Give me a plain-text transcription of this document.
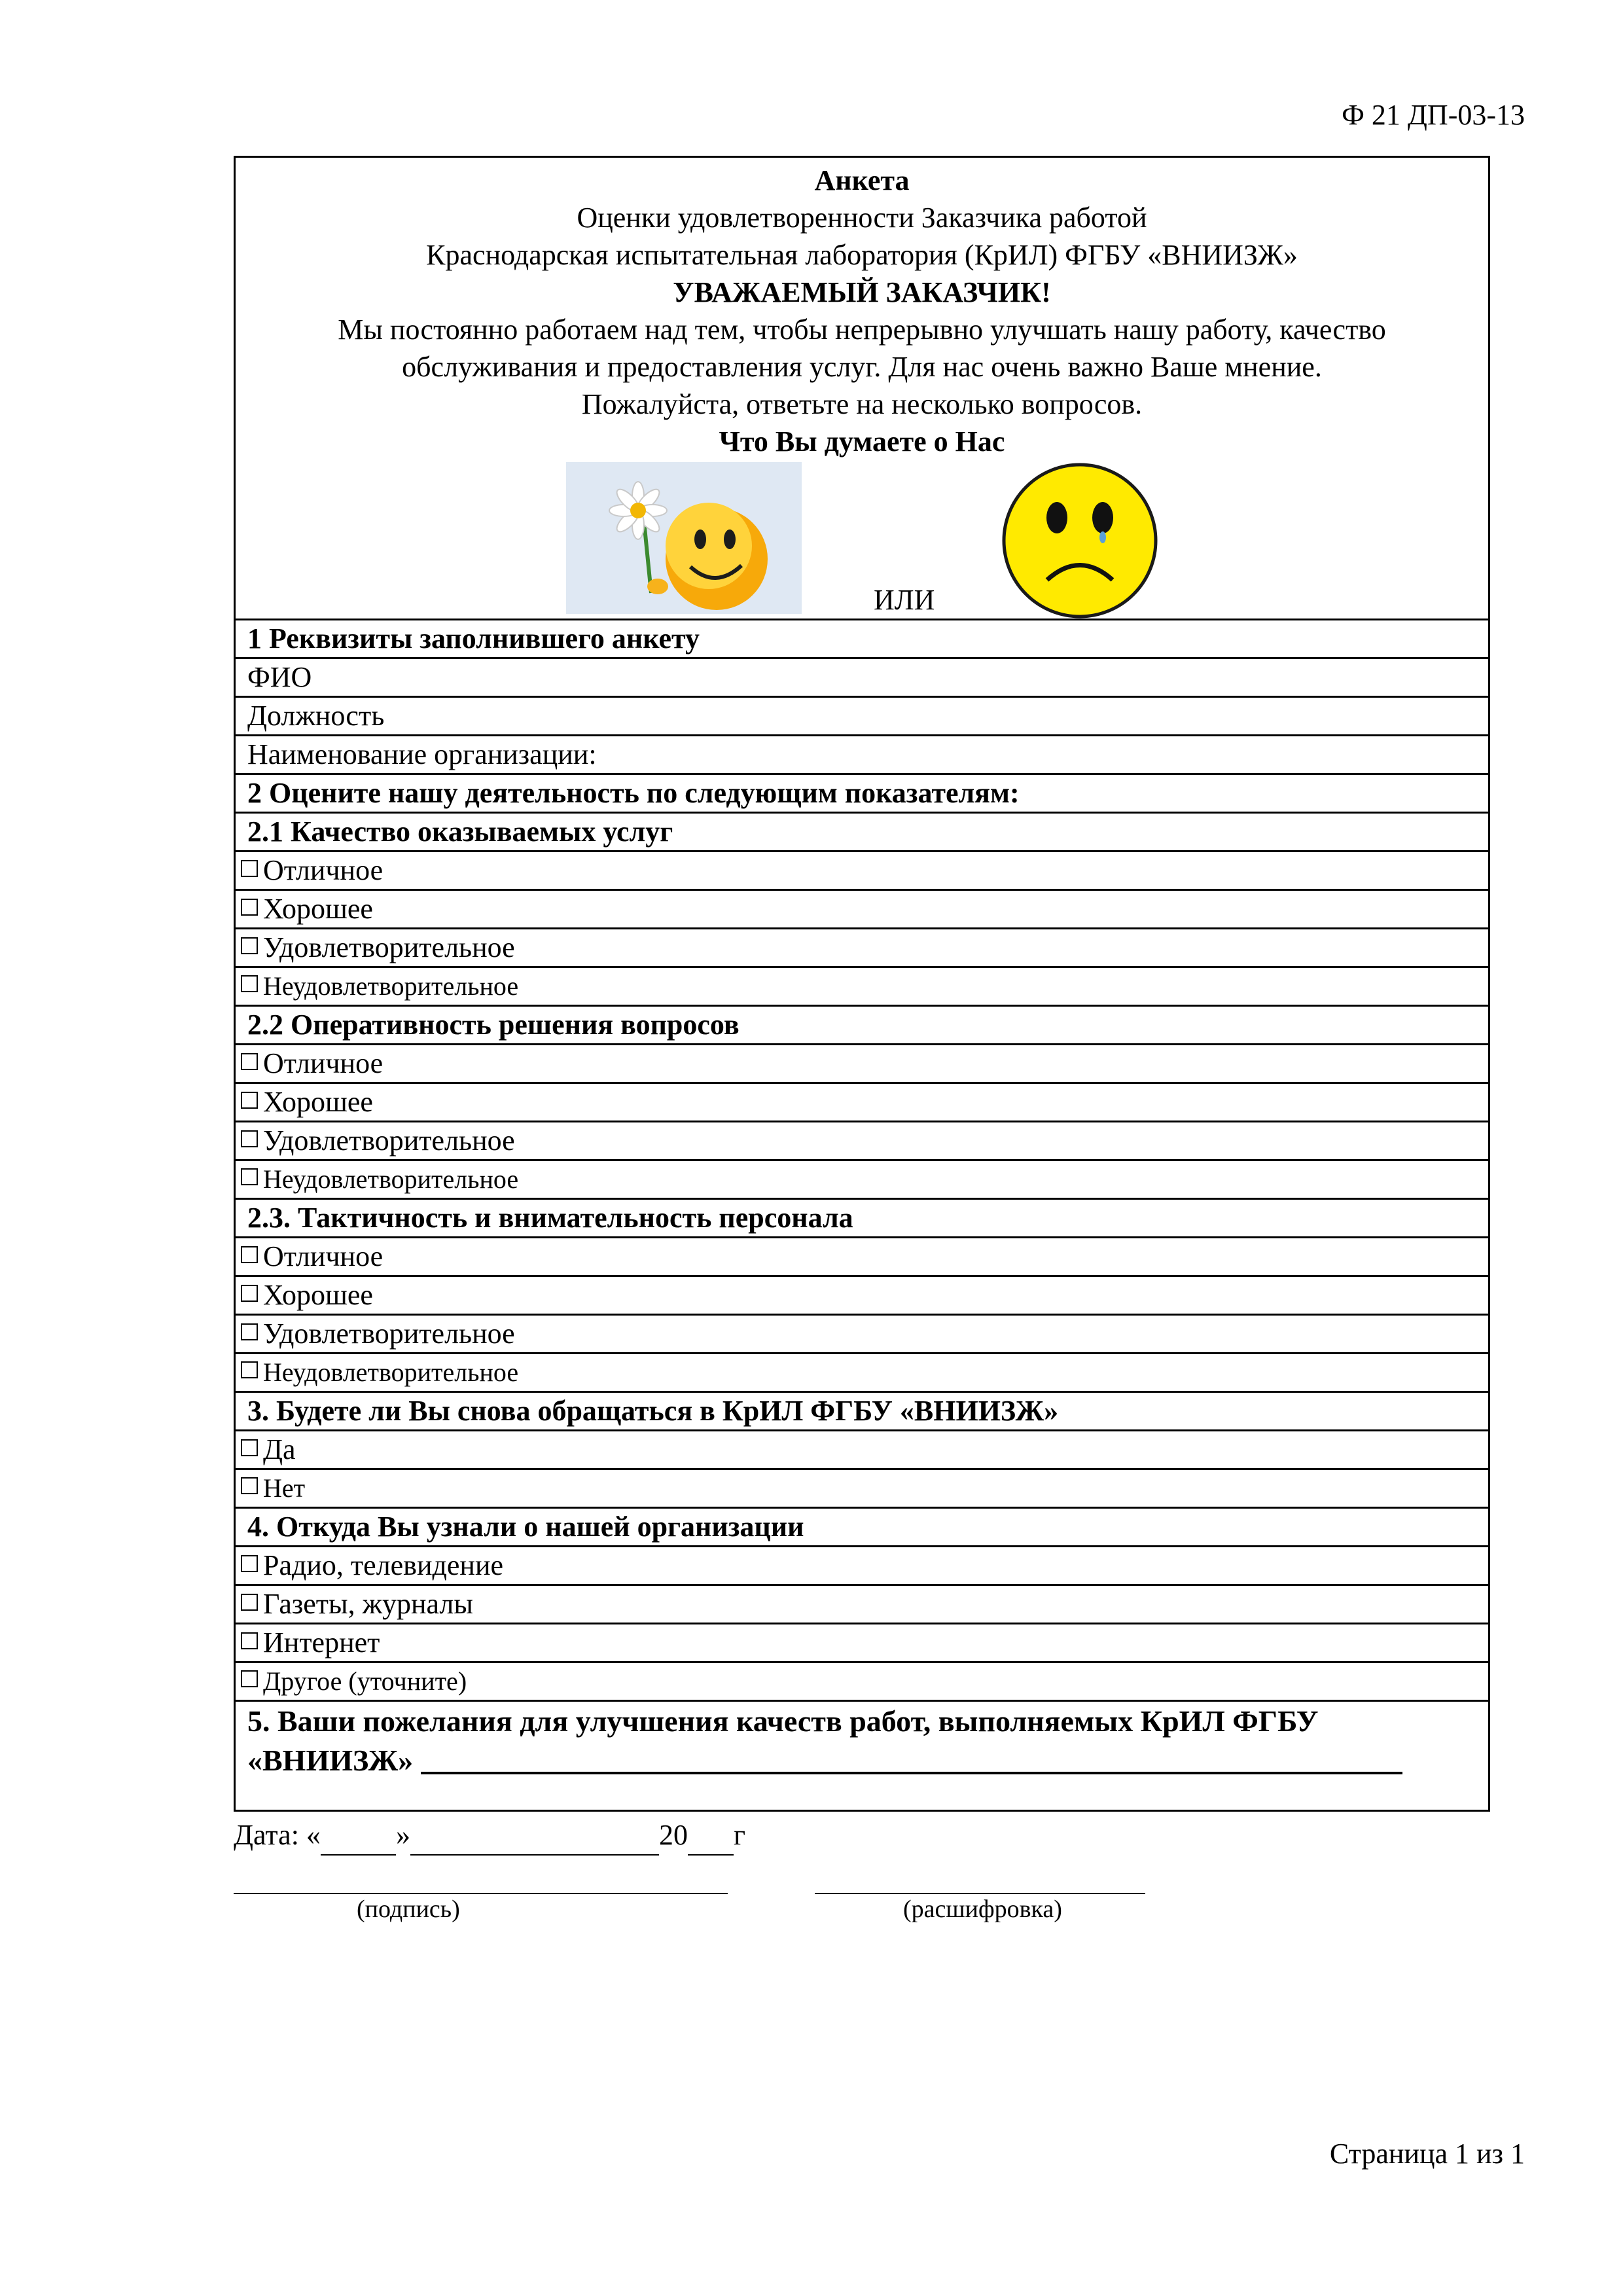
Ф 21 ДП-03-13
Анкета
Оценки удовлетворенности Заказчика работой
Краснодарская испытательная лаборатория (КрИЛ) ФГБУ «ВНИИЗЖ»
УВАЖАЕМЫЙ ЗАКАЗЧИК!
Мы постоянно работаем над тем, чтобы непрерывно улучшать нашу работу, качество
обслуживания и предоставления услуг. Для нас очень важно Ваше мнение.
Пожалуйста, ответьте на несколько вопросов.
Что Вы думаете о Нас
ИЛИ
1 Реквизиты заполнившего анкету
ФИО
Должность
Наименование организации:
2 Оцените нашу деятельность по следующим показателям:
2.1 Качество оказываемых услуг
Отличное
Хорошее
Удовлетворительное
Неудовлетворительное
2.2 Оперативность решения вопросов
Отличное
Хорошее
Удовлетворительное
Неудовлетворительное
2.3. Тактичность и внимательность персонала
Отличное
Хорошее
Удовлетворительное
Неудовлетворительное
3. Будете ли Вы снова обращаться в КрИЛ ФГБУ «ВНИИЗЖ»
Да
Нет
4. Откуда Вы узнали о нашей организации
Радио, телевидение
Газеты, журналы
Интернет
Другое (уточните)
5. Ваши пожелания для улучшения качеств работ, выполняемых КрИЛ ФГБУ
«ВНИИЗЖ»
Дата: «	»	20 г
(подпись)	(расшифровка)
Страница 1 из 1
